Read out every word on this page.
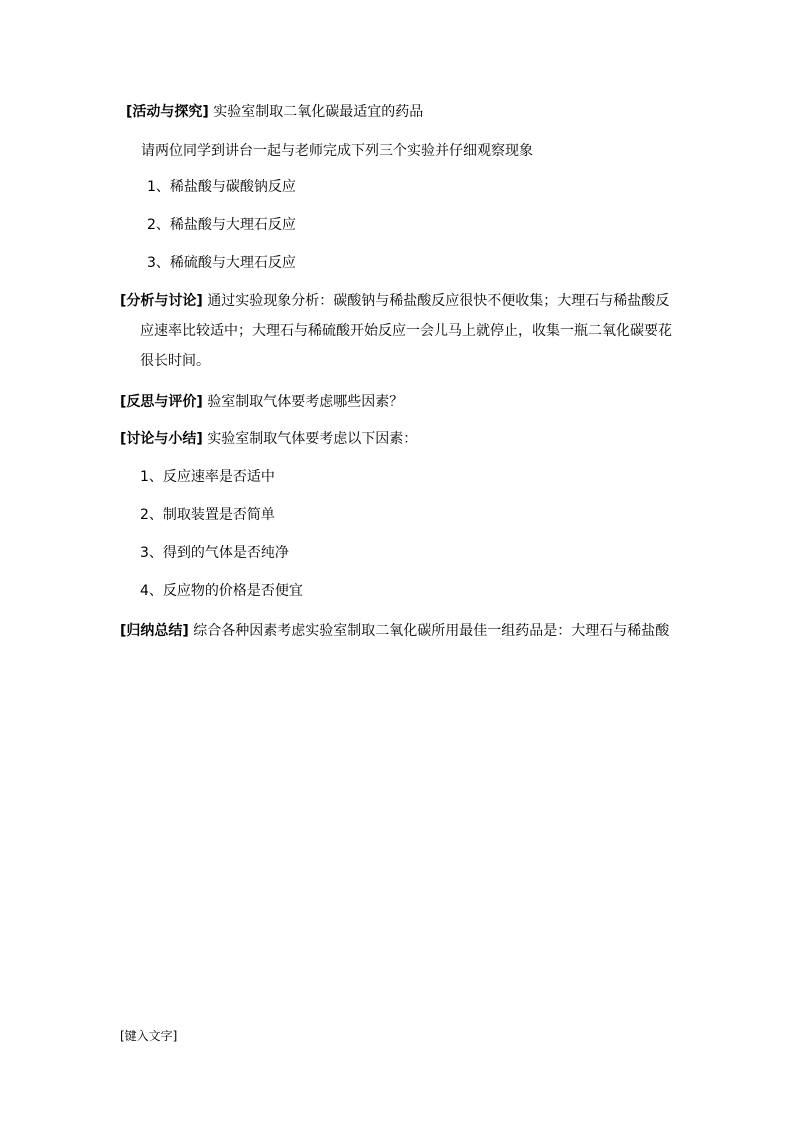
[活动与探究] 实验室制取二氧化碳最适宜的药品
请两位同学到讲台一起与老师完成下列三个实验并仔细观察现象
1、稀盐酸与碳酸钠反应
2、稀盐酸与大理石反应
3、稀硫酸与大理石反应
[分析与讨论] 通过实验现象分析：碳酸钠与稀盐酸反应很快不便收集；大理石与稀盐酸反
应速率比较适中；大理石与稀硫酸开始反应一会儿马上就停止，收集一瓶二氧化碳要花
很长时间。
[反思与评价] 验室制取气体要考虑哪些因素？
[讨论与小结] 实验室制取气体要考虑以下因素：
1、反应速率是否适中
2、制取装置是否简单
3、得到的气体是否纯净
4、反应物的价格是否便宜
[归纳总结] 综合各种因素考虑实验室制取二氧化碳所用最佳一组药品是：大理石与稀盐酸
[键入文字]
